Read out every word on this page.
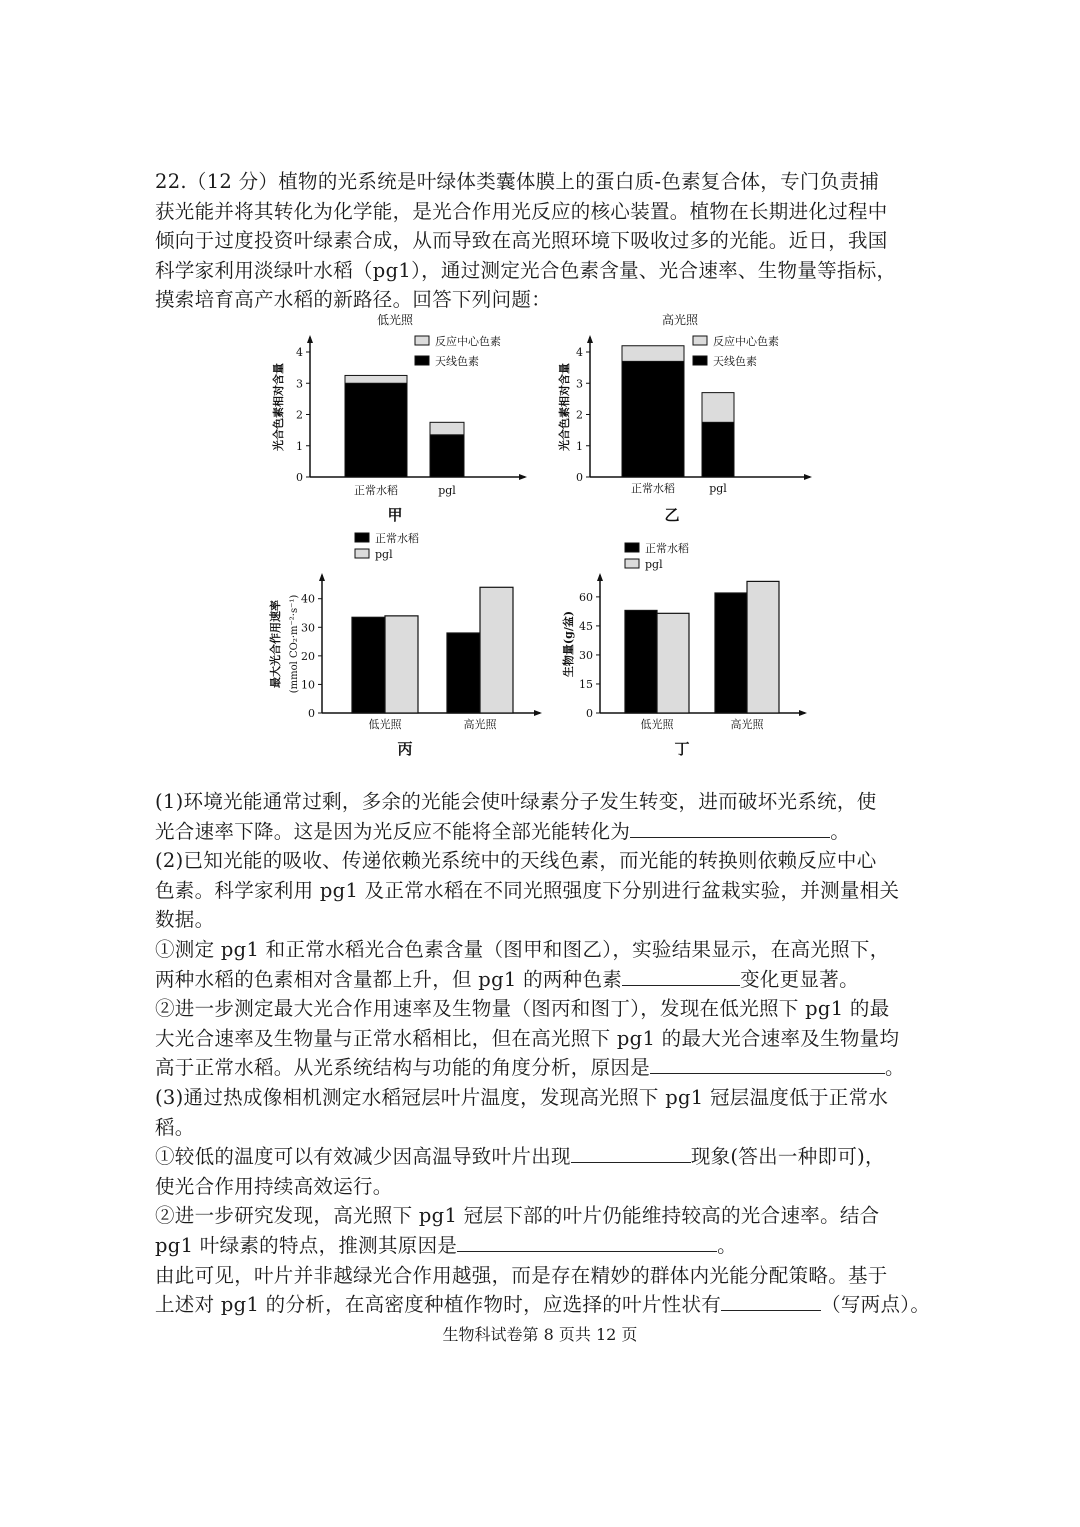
22.（12 分）植物的光系统是叶绿体类囊体膜上的蛋白质-色素复合体，专门负责捕
获光能并将其转化为化学能，是光合作用光反应的核心装置。植物在长期进化过程中
倾向于过度投资叶绿素合成，从而导致在高光照环境下吸收过多的光能。近日，我国
科学家利用淡绿叶水稻（pg1），通过测定光合色素含量、光合速率、生物量等指标，
摸索培育高产水稻的新路径。回答下列问题：
低光照
0
1
2
3
4
光合色素相对含量
正常水稻	pgl
反应中心色素
天线色素
甲
高光照
0
1
2
3
4
光合色素相对含量
正常水稻	pgl
反应中心色素
天线色素
乙
0
10
20
30
40
最大光合作用速率 (mmol CO₂·m⁻²·s⁻¹)
低光照	高光照
正常水稻
pgl
丙
0
15
30
45
60
生物量(g/盆)
低光照	高光照
正常水稻
pgl
丁
(1)环境光能通常过剩，多余的光能会使叶绿素分子发生转变，进而破坏光系统，使
光合速率下降。这是因为光反应不能将全部光能转化为	。
(2)已知光能的吸收、传递依赖光系统中的天线色素，而光能的转换则依赖反应中心
色素。科学家利用 pg1 及正常水稻在不同光照强度下分别进行盆栽实验，并测量相关
数据。
①测定 pg1 和正常水稻光合色素含量（图甲和图乙），实验结果显示，在高光照下，
两种水稻的色素相对含量都上升，但 pg1 的两种色素	变化更显著。
②进一步测定最大光合作用速率及生物量（图丙和图丁），发现在低光照下 pg1 的最
大光合速率及生物量与正常水稻相比，但在高光照下 pg1 的最大光合速率及生物量均
高于正常水稻。从光系统结构与功能的角度分析，原因是	。
(3)通过热成像相机测定水稻冠层叶片温度，发现高光照下 pg1 冠层温度低于正常水
稻。
①较低的温度可以有效减少因高温导致叶片出现	现象(答出一种即可)，
使光合作用持续高效运行。
②进一步研究发现，高光照下 pg1 冠层下部的叶片仍能维持较高的光合速率。结合
pg1 叶绿素的特点，推测其原因是	。
由此可见，叶片并非越绿光合作用越强，而是存在精妙的群体内光能分配策略。基于
上述对 pg1 的分析，在高密度种植作物时，应选择的叶片性状有	（写两点）。
生物科试卷第 8 页共 12 页
